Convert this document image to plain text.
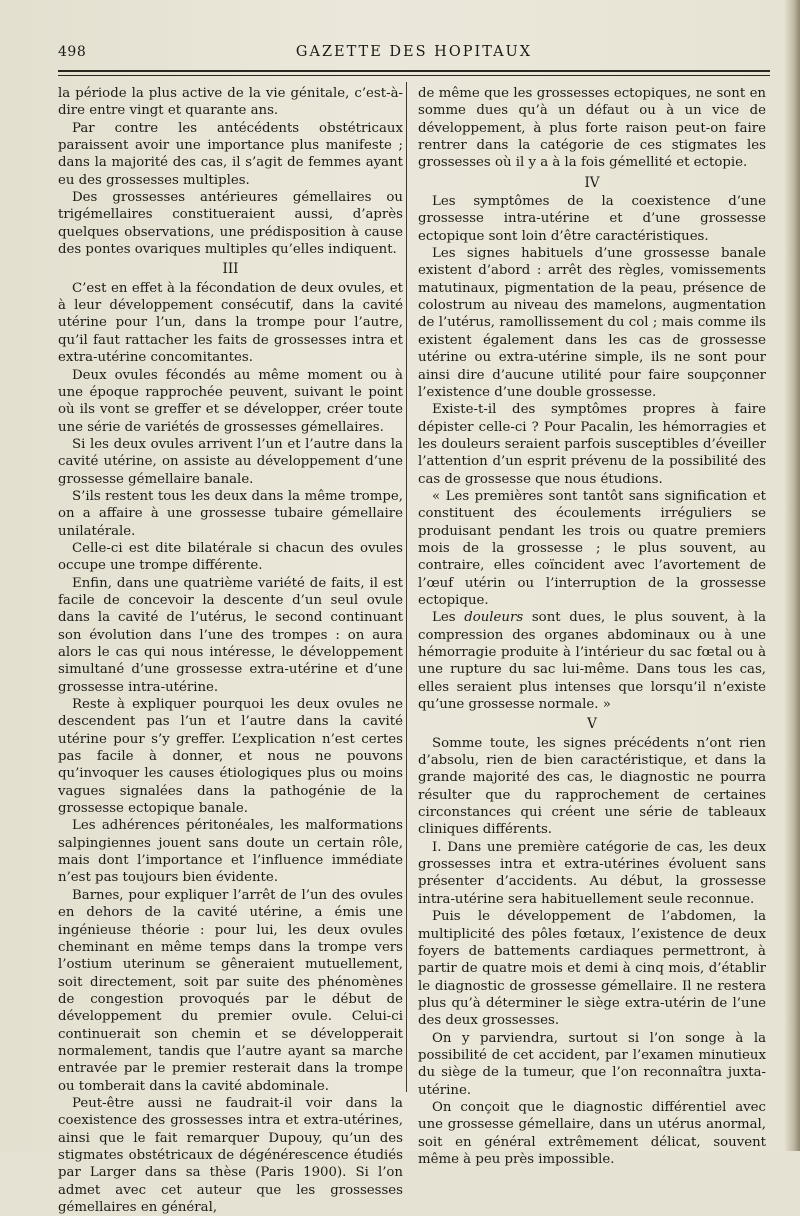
498	GAZETTE DES HOPITAUX

la période la plus active de la vie génitale, c’est-à-dire entre vingt et quarante ans.

Par contre les antécédents obstétricaux paraissent avoir une importance plus manifeste ; dans la majorité des cas, il s’agit de femmes ayant eu des grossesses multiples.

Des grossesses antérieures gémellaires ou trigémellaires constitueraient aussi, d’après quelques observations, une prédisposition à cause des pontes ovariques multiples qu’elles indiquent.

III

C’est en effet à la fécondation de deux ovules, et à leur développement consécutif, dans la cavité utérine pour l’un, dans la trompe pour l’autre, qu’il faut rattacher les faits de grossesses intra et extra-utérine concomitantes.

Deux ovules fécondés au même moment ou à une époque rapprochée peuvent, suivant le point où ils vont se greffer et se développer, créer toute une série de variétés de grossesses gémellaires.

Si les deux ovules arrivent l’un et l’autre dans la cavité utérine, on assiste au développement d’une grossesse gémellaire banale.

S’ils restent tous les deux dans la même trompe, on a affaire à une grossesse tubaire gémellaire unilatérale.

Celle-ci est dite bilatérale si chacun des ovules occupe une trompe différente.

Enfin, dans une quatrième variété de faits, il est facile de concevoir la descente d’un seul ovule dans la cavité de l’utérus, le second continuant son évolution dans l’une des trompes : on aura alors le cas qui nous intéresse, le développement simultané d’une grossesse extra-utérine et d’une grossesse intra-utérine.

Reste à expliquer pourquoi les deux ovules ne descendent pas l’un et l’autre dans la cavité utérine pour s’y greffer. L’explication n’est certes pas facile à donner, et nous ne pouvons qu’invoquer les causes étiologiques plus ou moins vagues signalées dans la pathogénie de la grossesse ectopique banale.

Les adhérences péritonéales, les malformations salpingiennes jouent sans doute un certain rôle, mais dont l’importance et l’influence immédiate n’est pas toujours bien évidente.

Barnes, pour expliquer l’arrêt de l’un des ovules en dehors de la cavité utérine, a émis une ingénieuse théorie : pour lui, les deux ovules cheminant en même temps dans la trompe vers l’ostium uterinum se gêneraient mutuellement, soit directement, soit par suite des phénomènes de congestion provoqués par le début de développement du premier ovule. Celui-ci continuerait son chemin et se développerait normalement, tandis que l’autre ayant sa marche entravée par le premier resterait dans la trompe ou tomberait dans la cavité abdominale.

Peut-être aussi ne faudrait-il voir dans la coexistence des grossesses intra et extra-utérines, ainsi que le fait remarquer Dupouy, qu’un des stigmates obstétricaux de dégénérescence étudiés par Larger dans sa thèse (Paris 1900). Si l’on admet avec cet auteur que les grossesses gémellaires en général,

de même que les grossesses ectopiques, ne sont en somme dues qu’à un défaut ou à un vice de développement, à plus forte raison peut-on faire rentrer dans la catégorie de ces stigmates les grossesses où il y a à la fois gémellité et ectopie.

IV

Les symptômes de la coexistence d’une grossesse intra-utérine et d’une grossesse ectopique sont loin d’être caractéristiques.

Les signes habituels d’une grossesse banale existent d’abord : arrêt des règles, vomissements matutinaux, pigmentation de la peau, présence de colostrum au niveau des mamelons, augmentation de l’utérus, ramollissement du col ; mais comme ils existent également dans les cas de grossesse utérine ou extra-utérine simple, ils ne sont pour ainsi dire d’aucune utilité pour faire soupçonner l’existence d’une double grossesse.

Existe-t-il des symptômes propres à faire dépister celle-ci ? Pour Pacalin, les hémorragies et les douleurs seraient parfois susceptibles d’éveiller l’attention d’un esprit prévenu de la possibilité des cas de grossesse que nous étudions.

« Les premières sont tantôt sans signification et constituent des écoulements irréguliers se produisant pendant les trois ou quatre premiers mois de la grossesse ; le plus souvent, au contraire, elles coïncident avec l’avortement de l’œuf utérin ou l’interruption de la grossesse ectopique.

Les douleurs sont dues, le plus souvent, à la compression des organes abdominaux ou à une hémorragie produite à l’intérieur du sac fœtal ou à une rupture du sac lui-même. Dans tous les cas, elles seraient plus intenses que lorsqu’il n’existe qu’une grossesse normale. »

V

Somme toute, les signes précédents n’ont rien d’absolu, rien de bien caractéristique, et dans la grande majorité des cas, le diagnostic ne pourra résulter que du rapprochement de certaines circonstances qui créent une série de tableaux cliniques différents.

I. Dans une première catégorie de cas, les deux grossesses intra et extra-utérines évoluent sans présenter d’accidents. Au début, la grossesse intra-utérine sera habituellement seule reconnue.

Puis le développement de l’abdomen, la multiplicité des pôles fœtaux, l’existence de deux foyers de battements cardiaques permettront, à partir de quatre mois et demi à cinq mois, d’établir le diagnostic de grossesse gémellaire. Il ne restera plus qu’à déterminer le siège extra-utérin de l’une des deux grossesses.

On y parviendra, surtout si l’on songe à la possibilité de cet accident, par l’examen minutieux du siège de la tumeur, que l’on reconnaîtra juxta-utérine.

On conçoit que le diagnostic différentiel avec une grossesse gémellaire, dans un utérus anormal, soit en général extrêmement délicat, souvent même à peu près impossible.
